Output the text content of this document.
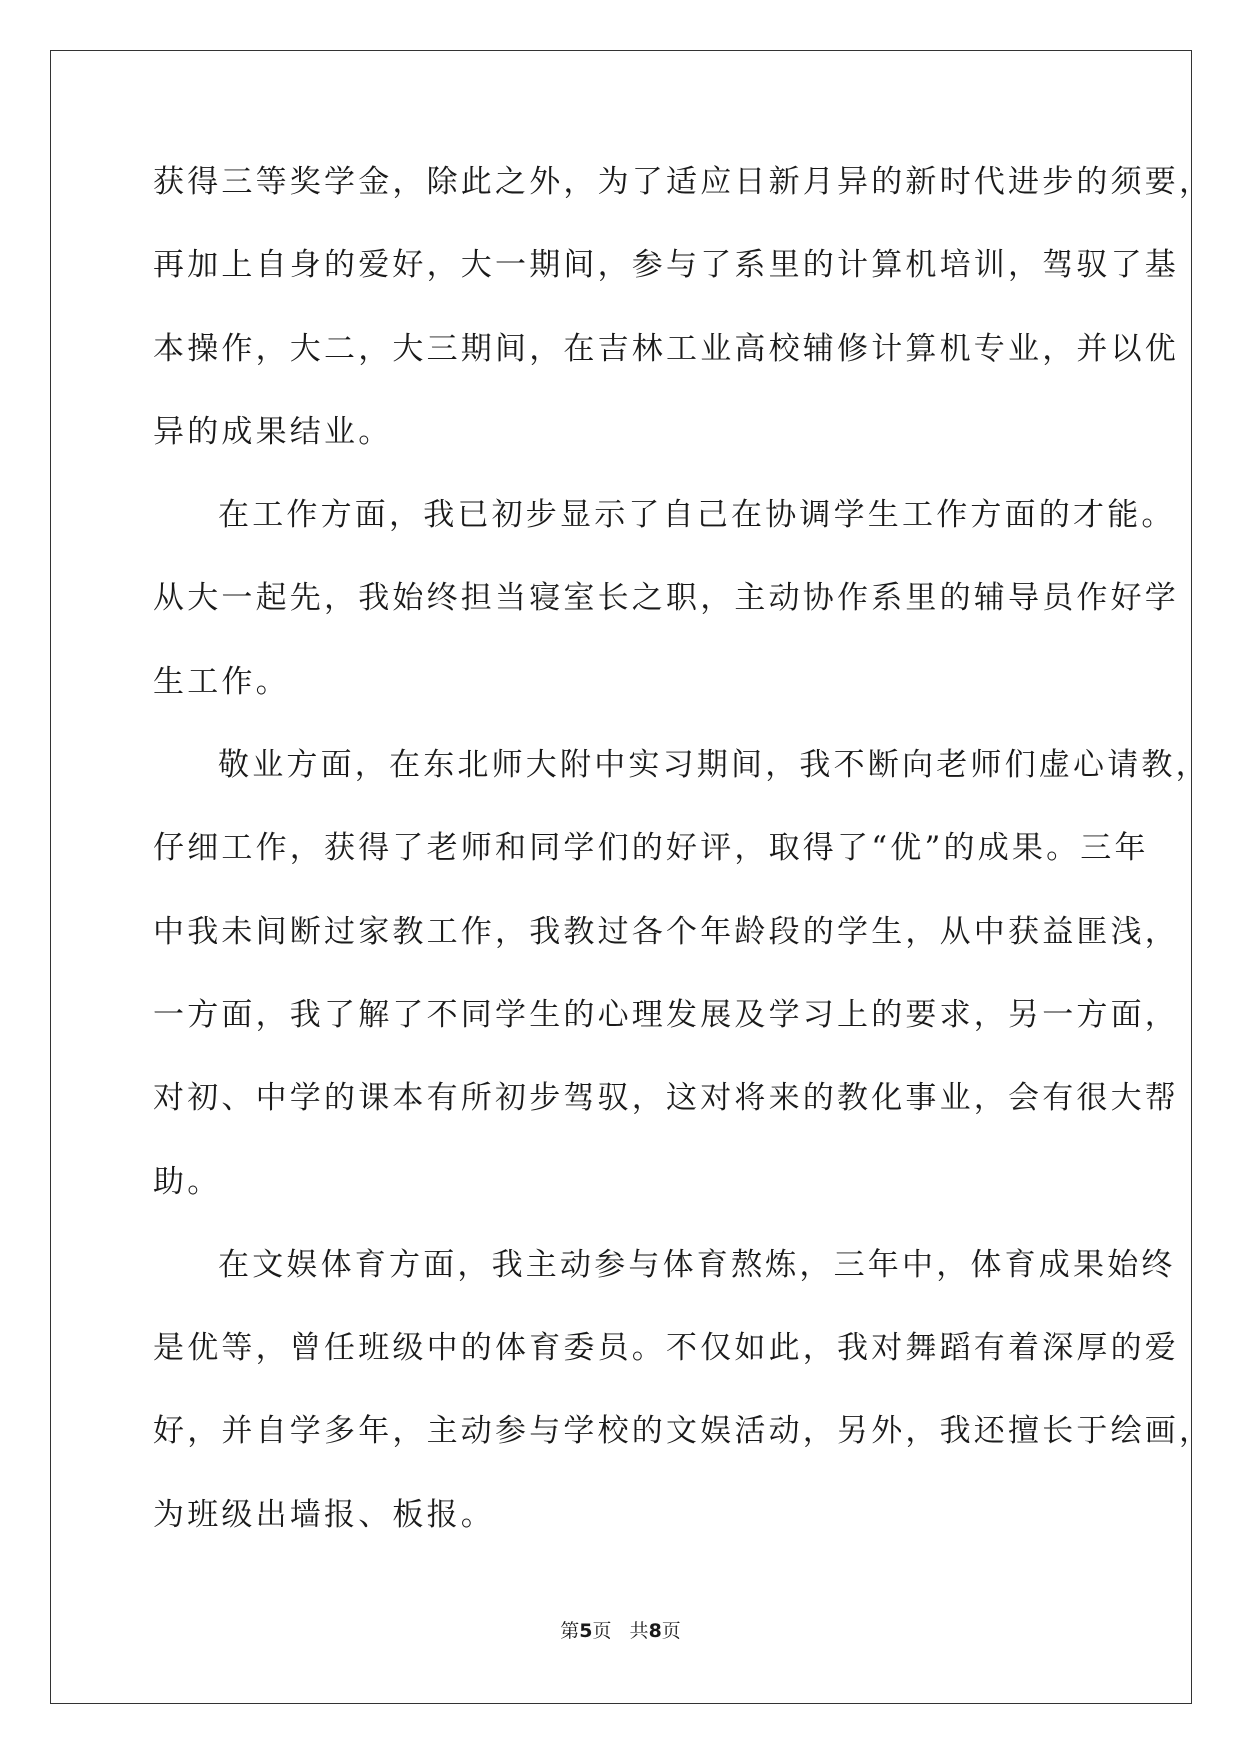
获得三等奖学金，除此之外，为了适应日新月异的新时代进步的须要，
再加上自身的爱好，大一期间，参与了系里的计算机培训，驾驭了基
本操作，大二，大三期间，在吉林工业高校辅修计算机专业，并以优
异的成果结业。
在工作方面，我已初步显示了自己在协调学生工作方面的才能。
从大一起先，我始终担当寝室长之职，主动协作系里的辅导员作好学
生工作。
敬业方面，在东北师大附中实习期间，我不断向老师们虚心请教，
仔细工作，获得了老师和同学们的好评，取得了“优”的成果。三年
中我未间断过家教工作，我教过各个年龄段的学生，从中获益匪浅，
一方面，我了解了不同学生的心理发展及学习上的要求，另一方面，
对初、中学的课本有所初步驾驭，这对将来的教化事业，会有很大帮
助。
在文娱体育方面，我主动参与体育熬炼，三年中，体育成果始终
是优等，曾任班级中的体育委员。不仅如此，我对舞蹈有着深厚的爱
好，并自学多年，主动参与学校的文娱活动，另外，我还擅长于绘画，
为班级出墙报、板报。
第5页   共8页
